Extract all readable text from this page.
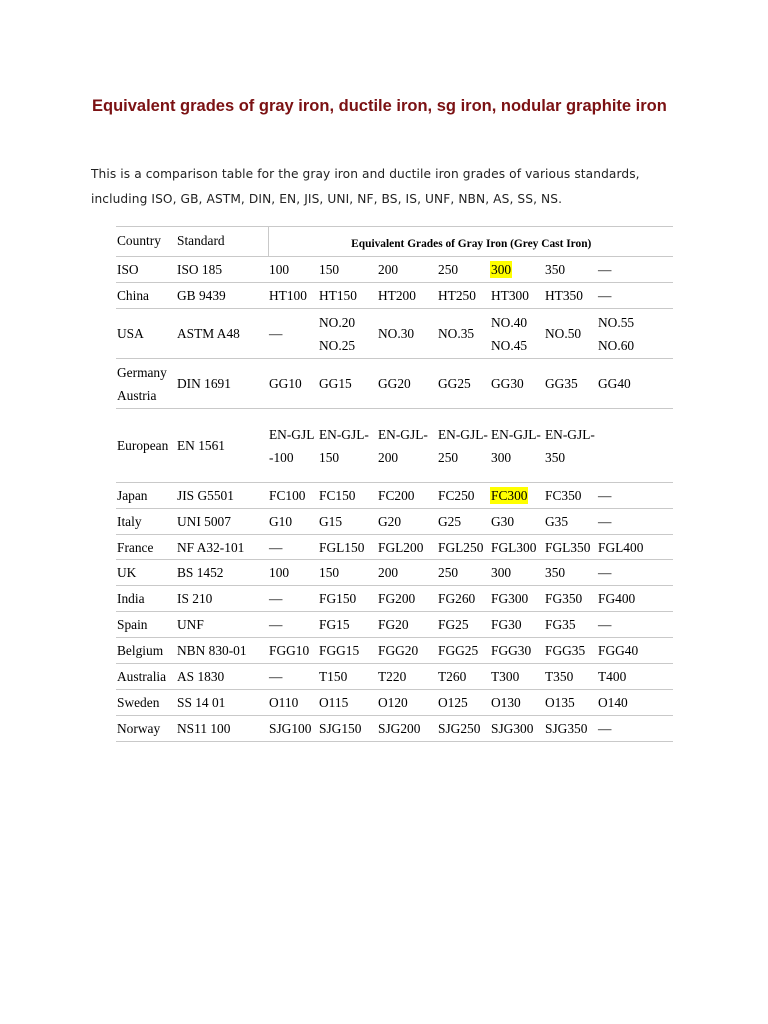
Equivalent grades of gray iron, ductile iron, sg iron, nodular graphite iron

This is a comparison table for the gray iron and ductile iron grades of various standards, including ISO, GB, ASTM, DIN, EN, JIS, UNI, NF, BS, IS, UNF, NBN, AS, SS, NS.

Country	Standard	Equivalent Grades of Gray Iron (Grey Cast Iron)						
ISO	ISO 185	100	150	200	250	300	350	—
China	GB 9439	HT100	HT150	HT200	HT250	HT300	HT350	—
USA	ASTM A48	—	NO.20 NO.25	NO.30	NO.35	NO.40 NO.45	NO.50	NO.55 NO.60
Germany Austria	DIN 1691	GG10	GG15	GG20	GG25	GG30	GG35	GG40
European	EN 1561	EN-GJL-100	EN-GJL-150	EN-GJL-200	EN-GJL-250	EN-GJL-300	EN-GJL-350	
Japan	JIS G5501	FC100	FC150	FC200	FC250	FC300	FC350	—
Italy	UNI 5007	G10	G15	G20	G25	G30	G35	—
France	NF A32-101	—	FGL150	FGL200	FGL250	FGL300	FGL350	FGL400
UK	BS 1452	100	150	200	250	300	350	—
India	IS 210	—	FG150	FG200	FG260	FG300	FG350	FG400
Spain	UNF	—	FG15	FG20	FG25	FG30	FG35	—
Belgium	NBN 830-01	FGG10	FGG15	FGG20	FGG25	FGG30	FGG35	FGG40
Australia	AS 1830	—	T150	T220	T260	T300	T350	T400
Sweden	SS 14 01	O110	O115	O120	O125	O130	O135	O140
Norway	NS11 100	SJG100	SJG150	SJG200	SJG250	SJG300	SJG350	—
